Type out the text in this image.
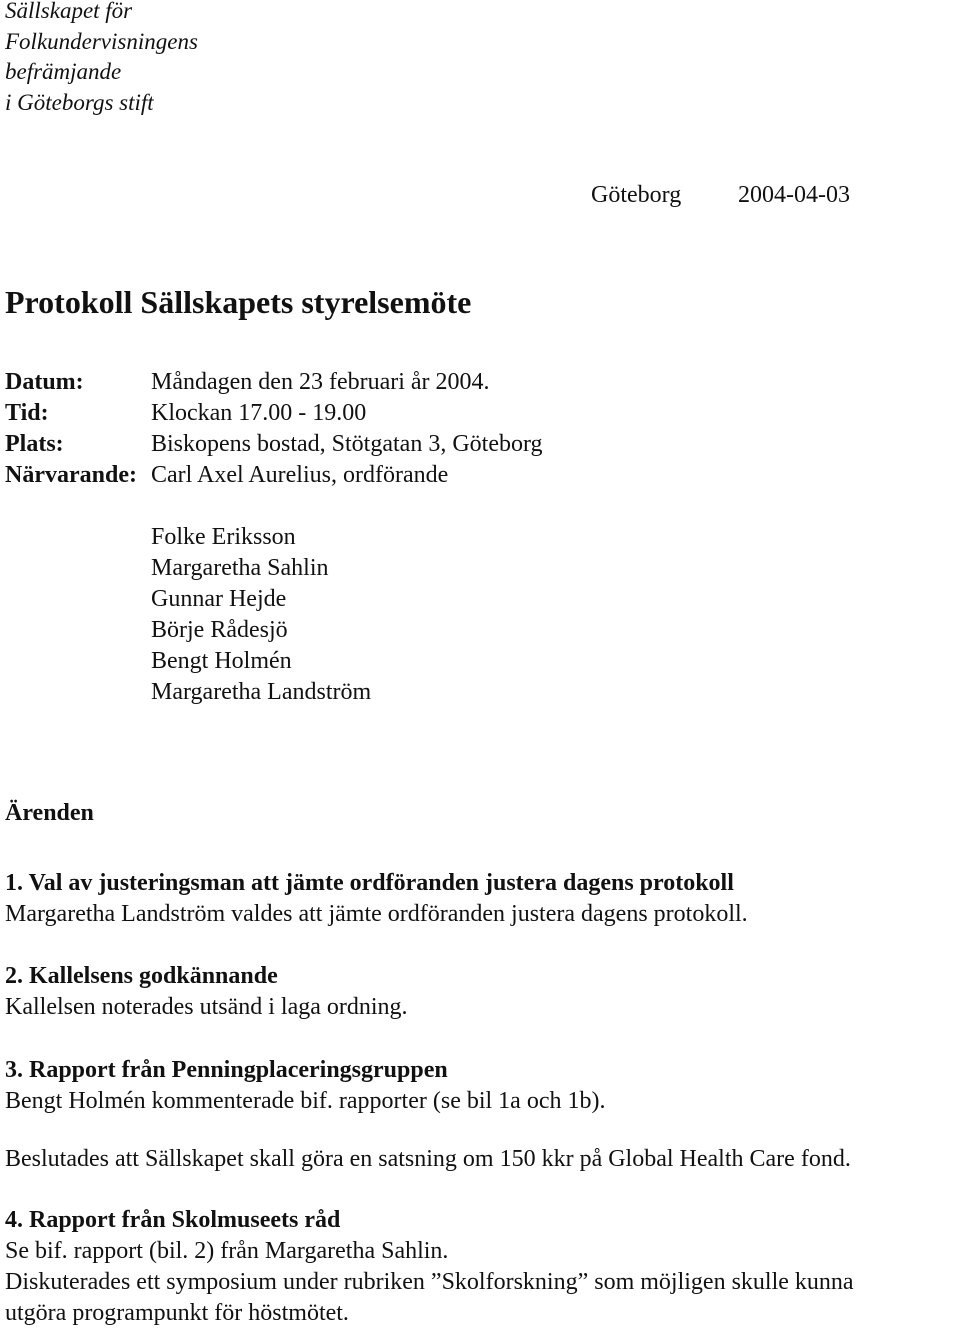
Sällskapet för
Folkundervisningens
befrämjande
i Göteborgs stift
Göteborg 2004-04-03
Protokoll Sällskapets styrelsemöte
Datum:	Måndagen den 23 februari år 2004.
Tid:	Klockan 17.00 - 19.00
Plats:	Biskopens bostad, Stötgatan 3, Göteborg
Närvarande: Carl Axel Aurelius, ordförande
Folke Eriksson
Margaretha Sahlin
Gunnar Hejde
Börje Rådesjö
Bengt Holmén
Margaretha Landström
Ärenden
1. Val av justeringsman att jämte ordföranden justera dagens protokoll
Margaretha Landström valdes att jämte ordföranden justera dagens protokoll.
2. Kallelsens godkännande
Kallelsen noterades utsänd i laga ordning.
3. Rapport från Penningplaceringsgruppen
Bengt Holmén kommenterade bif. rapporter (se bil 1a och 1b).
Beslutades att Sällskapet skall göra en satsning om 150 kkr på Global Health Care fond.
4. Rapport från Skolmuseets råd
Se bif. rapport (bil. 2) från Margaretha Sahlin.
Diskuterades ett symposium under rubriken ”Skolforskning” som möjligen skulle kunna
utgöra programpunkt för höstmötet.
